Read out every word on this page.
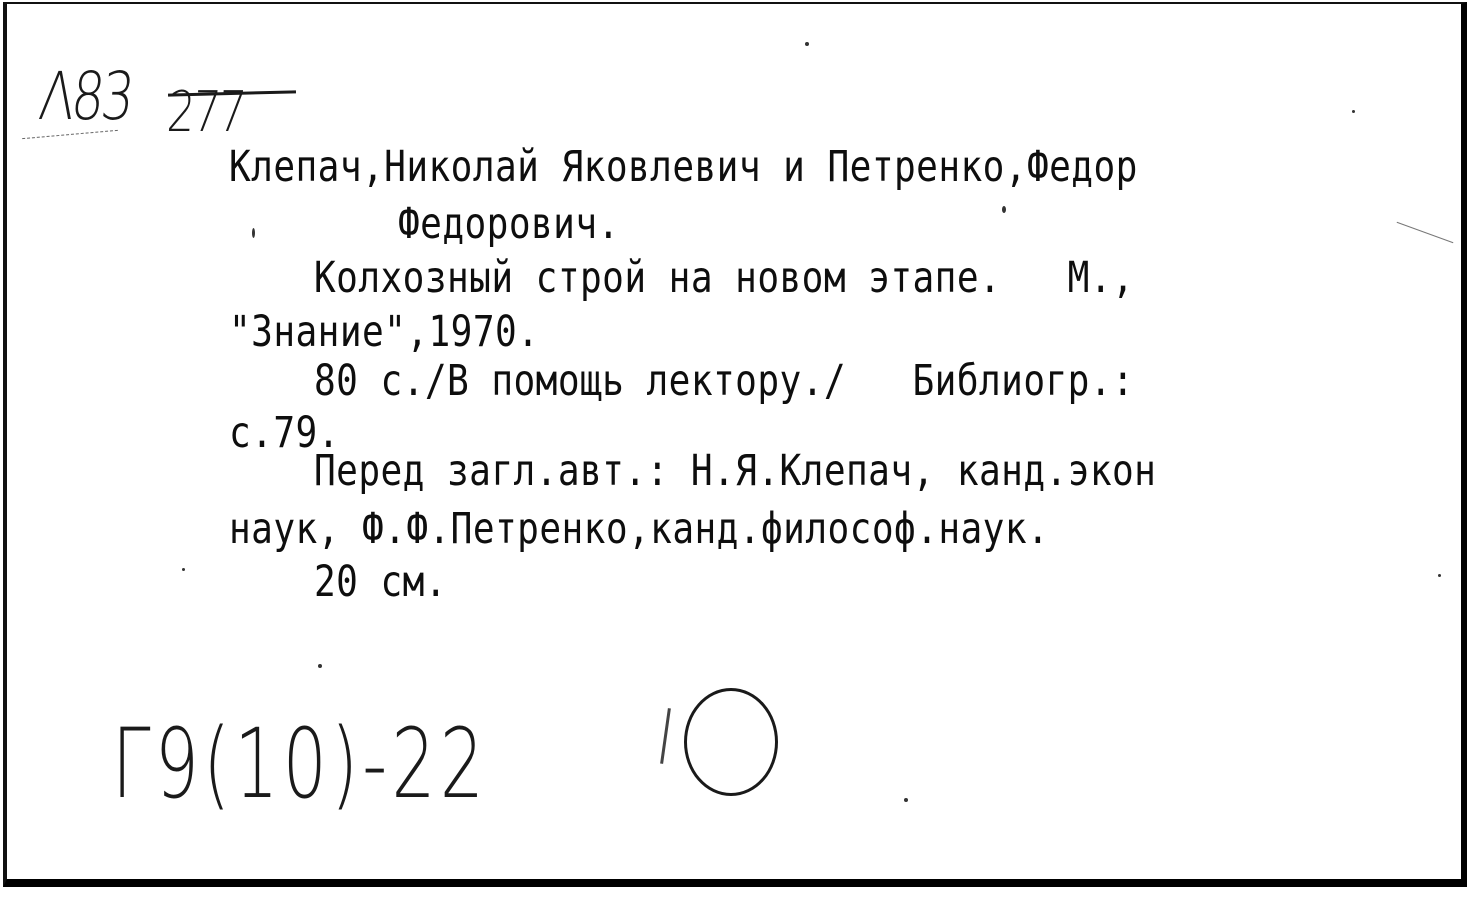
Λ83 277
Клепач,Николай Яковлевич и Петренко,Федор
Федорович.
Колхозный строй на новом этапе.   М.,
"Знание",1970.
80 с./В помощь лектору./   Библиогр.:
с.79.
Перед загл.авт.: Н.Я.Клепач, канд.экон
наук, Ф.Ф.Петренко,канд.философ.наук.
20 см.
Г9(10)-22
